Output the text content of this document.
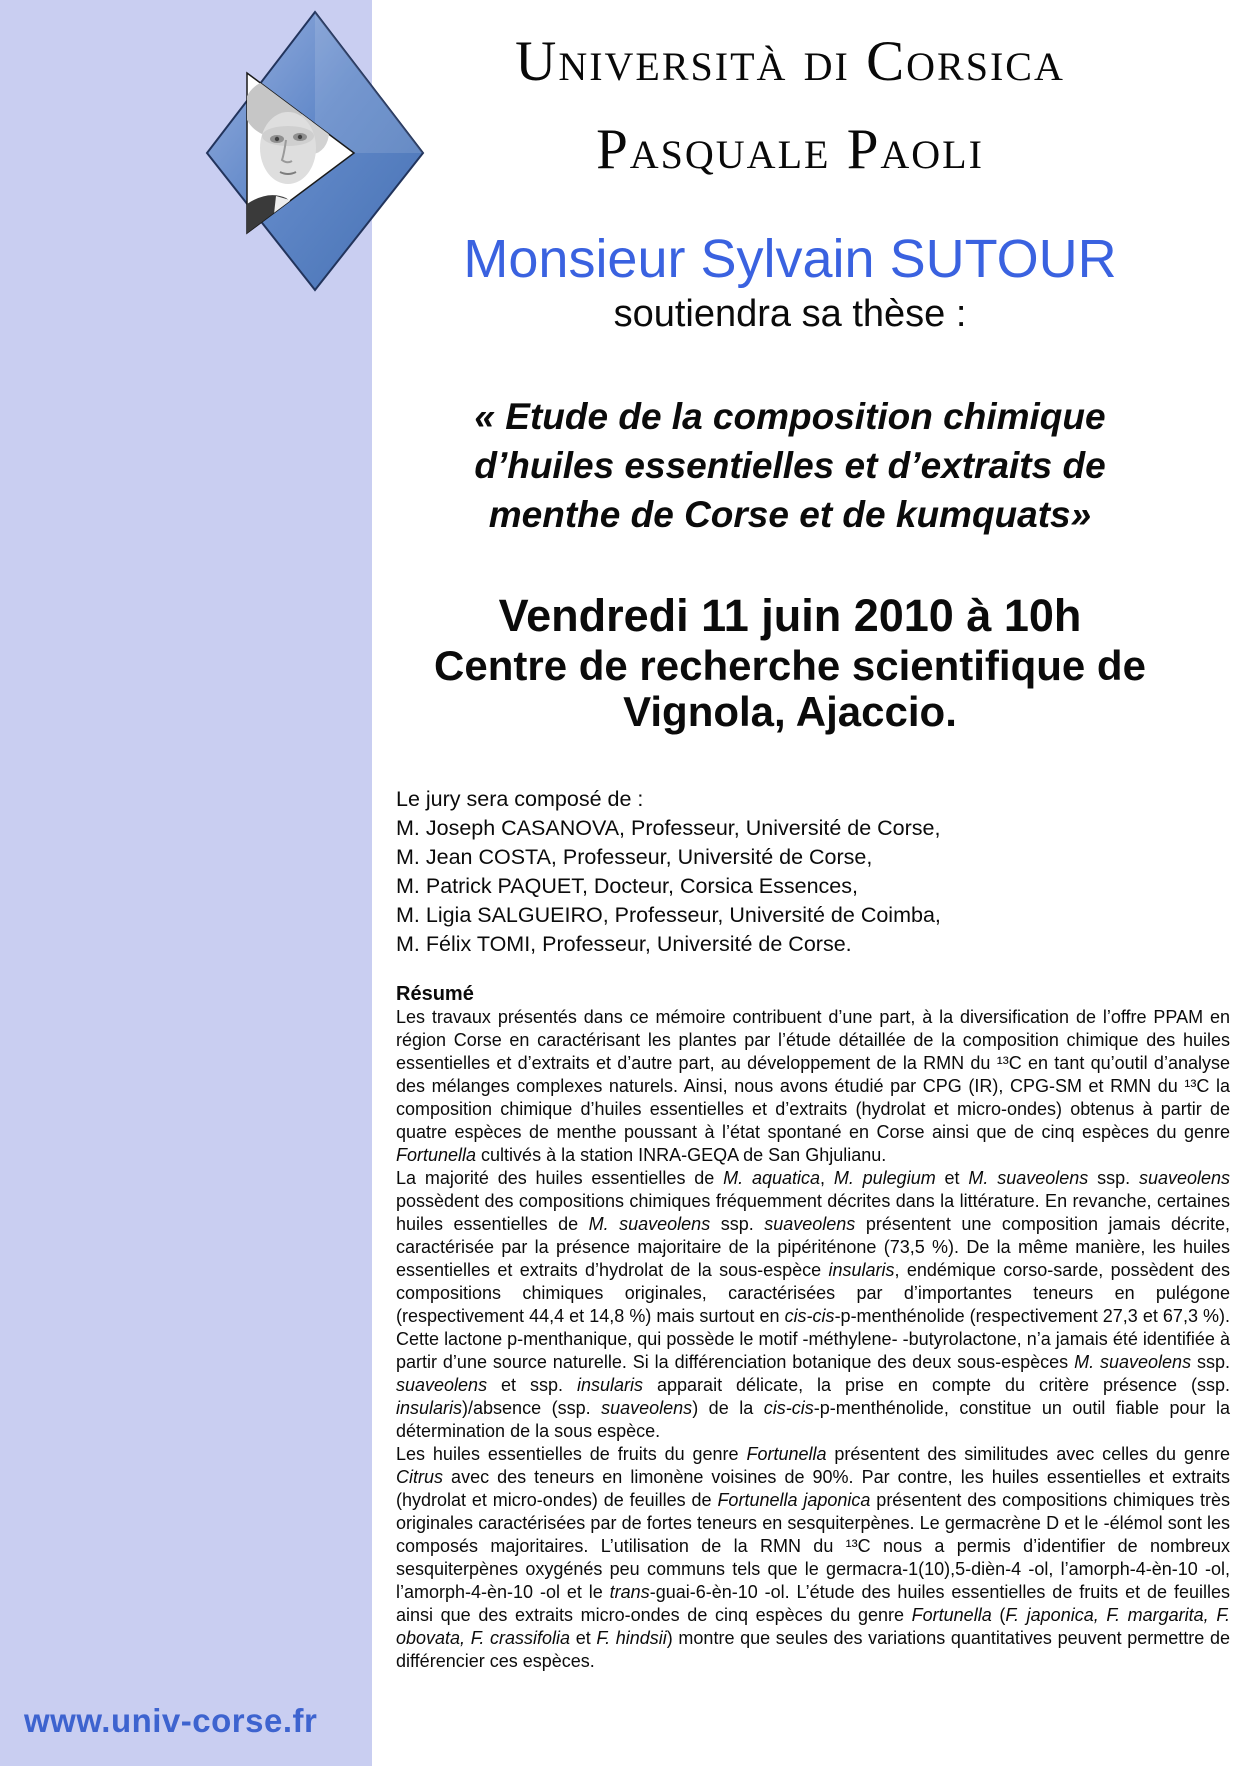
www.univ-corse.fr
Università di Corsica
Pasquale Paoli
Monsieur Sylvain SUTOUR
soutiendra sa thèse :
« Etude de la composition chimique
d’huiles essentielles et d’extraits de
menthe de Corse et de kumquats»
Vendredi 11 juin 2010 à 10h
Centre de recherche scientifique de
Vignola, Ajaccio.
Le jury sera composé de :
M. Joseph CASANOVA, Professeur, Université de Corse,
M. Jean COSTA, Professeur, Université de Corse,
M. Patrick PAQUET, Docteur, Corsica Essences,
M. Ligia SALGUEIRO, Professeur, Université de Coimba,
M. Félix TOMI, Professeur, Université de Corse.
Résumé

Les travaux présentés dans ce mémoire contribuent d’une part, à la diversification de l’offre PPAM en région Corse en caractérisant les plantes par l’étude détaillée de la composition chimique des huiles essentielles et d’extraits et d’autre part, au développement de la RMN du ¹³C en tant qu’outil d’analyse des mélanges complexes naturels. Ainsi, nous avons étudié par CPG (IR), CPG-SM et RMN du ¹³C la composition chimique d’huiles essentielles et d’extraits (hydrolat et micro-ondes) obtenus à partir de quatre espèces de menthe poussant à l’état spontané en Corse ainsi que de cinq espèces du genre Fortunella cultivés à la station INRA-GEQA de San Ghjulianu.

La majorité des huiles essentielles de M. aquatica, M. pulegium et M. suaveolens ssp. suaveolens possèdent des compositions chimiques fréquemment décrites dans la littérature. En revanche, certaines huiles essentielles de M. suaveolens ssp. suaveolens présentent une composition jamais décrite, caractérisée par la présence majoritaire de la pipériténone (73,5 %). De la même manière, les huiles essentielles et extraits d’hydrolat de la sous-espèce insularis, endémique corso-sarde, possèdent des compositions chimiques originales, caractérisées par d’importantes teneurs en pulégone (respectivement 44,4 et 14,8 %) mais surtout en cis-cis-p-menthénolide (respectivement 27,3 et 67,3 %). Cette lactone p-menthanique, qui possède le motif -méthylene- -butyrolactone, n’a jamais été identifiée à partir d’une source naturelle. Si la différenciation botanique des deux sous-espèces M. suaveolens ssp. suaveolens et ssp. insularis apparait délicate, la prise en compte du critère présence (ssp. insularis)/absence (ssp. suaveolens) de la cis-cis-p-menthénolide, constitue un outil fiable pour la détermination de la sous espèce.

Les huiles essentielles de fruits du genre Fortunella présentent des similitudes avec celles du genre Citrus avec des teneurs en limonène voisines de 90%. Par contre, les huiles essentielles et extraits (hydrolat et micro-ondes) de feuilles de Fortunella japonica présentent des compositions chimiques très originales caractérisées par de fortes teneurs en sesquiterpènes. Le germacrène D et le -élémol sont les composés majoritaires. L’utilisation de la RMN du ¹³C nous a permis d’identifier de nombreux sesquiterpènes oxygénés peu communs tels que le germacra-1(10),5-dièn-4 -ol, l’amorph-4-èn-10 -ol, l’amorph-4-èn-10 -ol et le trans-guai-6-èn-10 -ol. L’étude des huiles essentielles de fruits et de feuilles ainsi que des extraits micro-ondes de cinq espèces du genre Fortunella (F. japonica, F. margarita, F. obovata, F. crassifolia et F. hindsii) montre que seules des variations quantitatives peuvent permettre de différencier ces espèces.
